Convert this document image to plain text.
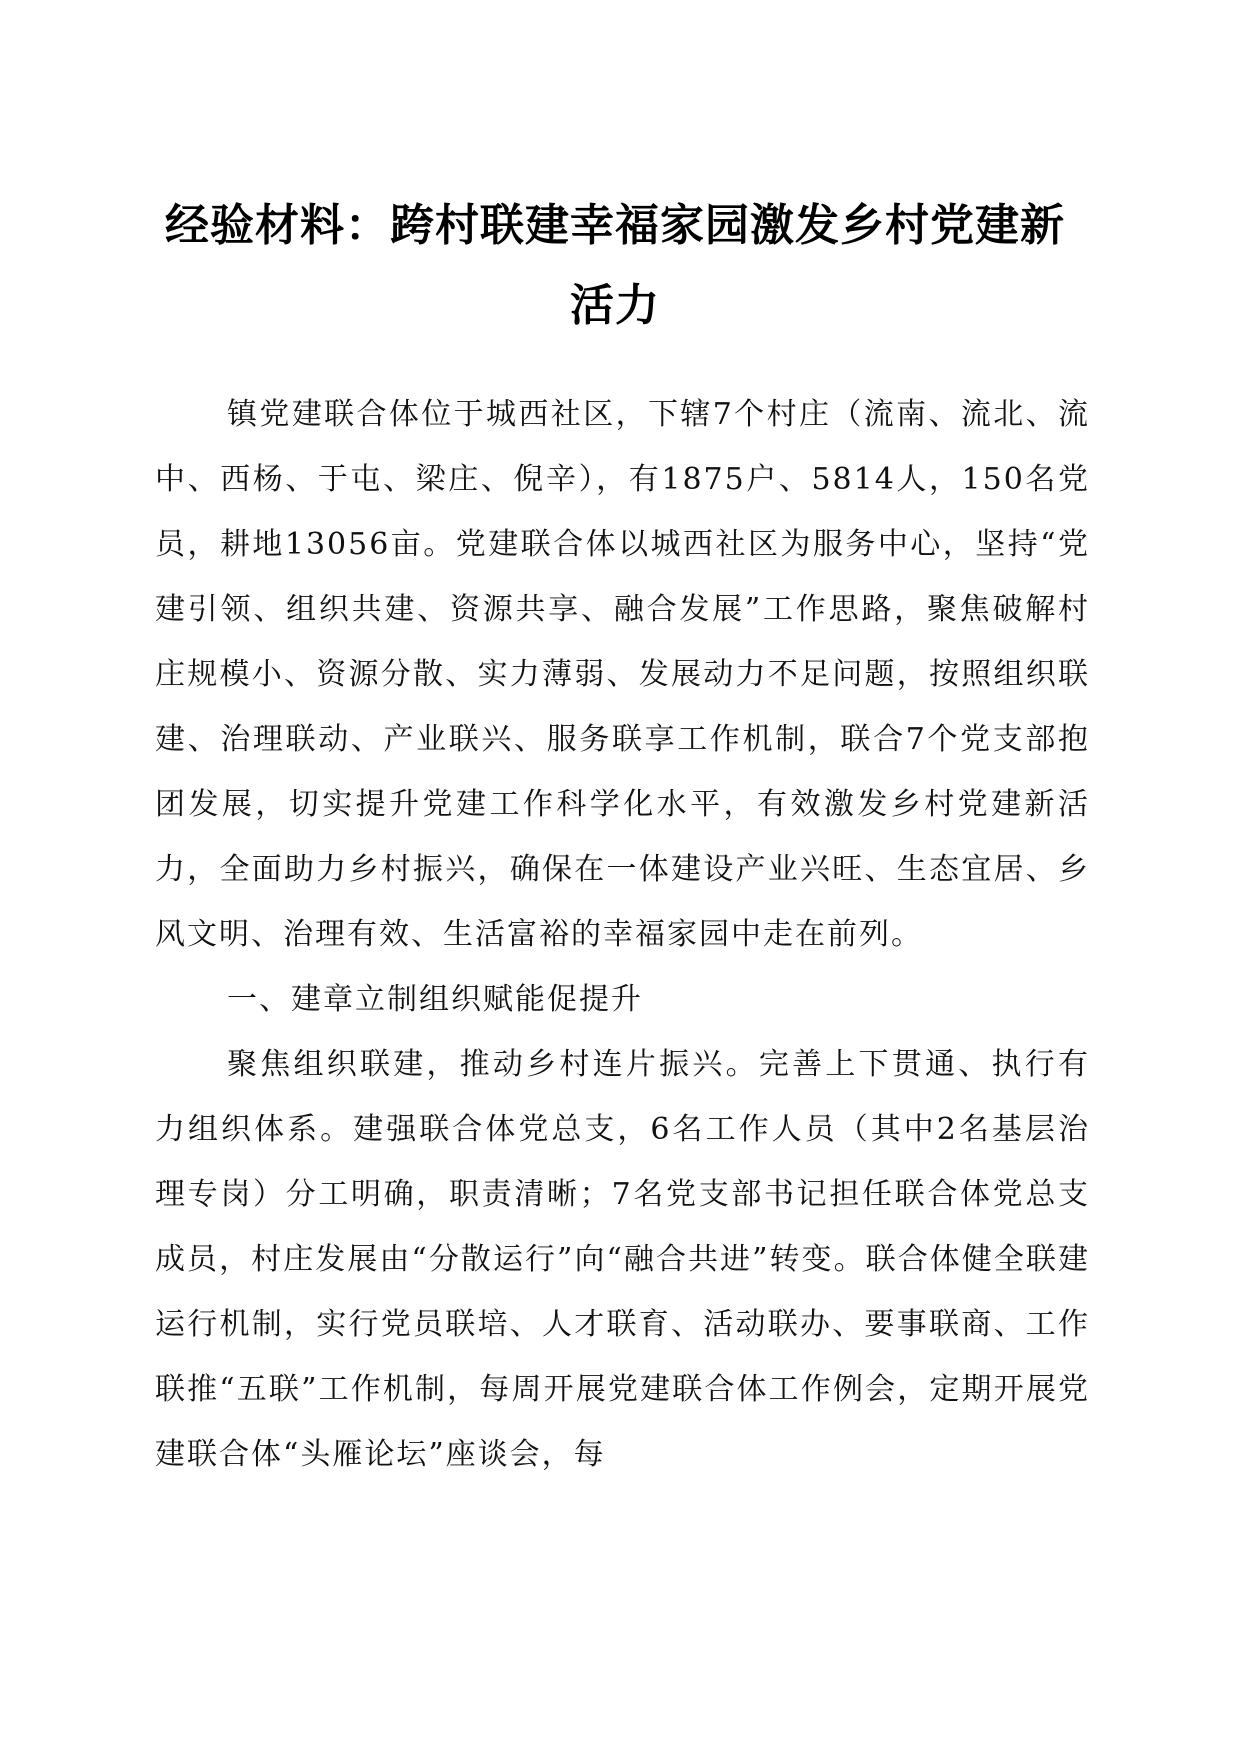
经验材料：跨村联建幸福家园激发乡村党建新活力

镇党建联合体位于城西社区，下辖7个村庄（流南、流北、流中、西杨、于屯、梁庄、倪辛），有1875户、5814人，150名党员，耕地13056亩。党建联合体以城西社区为服务中心，坚持“党建引领、组织共建、资源共享、融合发展”工作思路，聚焦破解村庄规模小、资源分散、实力薄弱、发展动力不足问题，按照组织联建、治理联动、产业联兴、服务联享工作机制，联合7个党支部抱团发展，切实提升党建工作科学化水平，有效激发乡村党建新活力，全面助力乡村振兴，确保在一体建设产业兴旺、生态宜居、乡风文明、治理有效、生活富裕的幸福家园中走在前列。

一、建章立制组织赋能促提升

聚焦组织联建，推动乡村连片振兴。完善上下贯通、执行有力组织体系。建强联合体党总支，6名工作人员（其中2名基层治理专岗）分工明确，职责清晰；7名党支部书记担任联合体党总支成员，村庄发展由“分散运行”向“融合共进”转变。联合体健全联建运行机制，实行党员联培、人才联育、活动联办、要事联商、工作联推“五联”工作机制，每周开展党建联合体工作例会，定期开展党建联合体“头雁论坛”座谈会，每
